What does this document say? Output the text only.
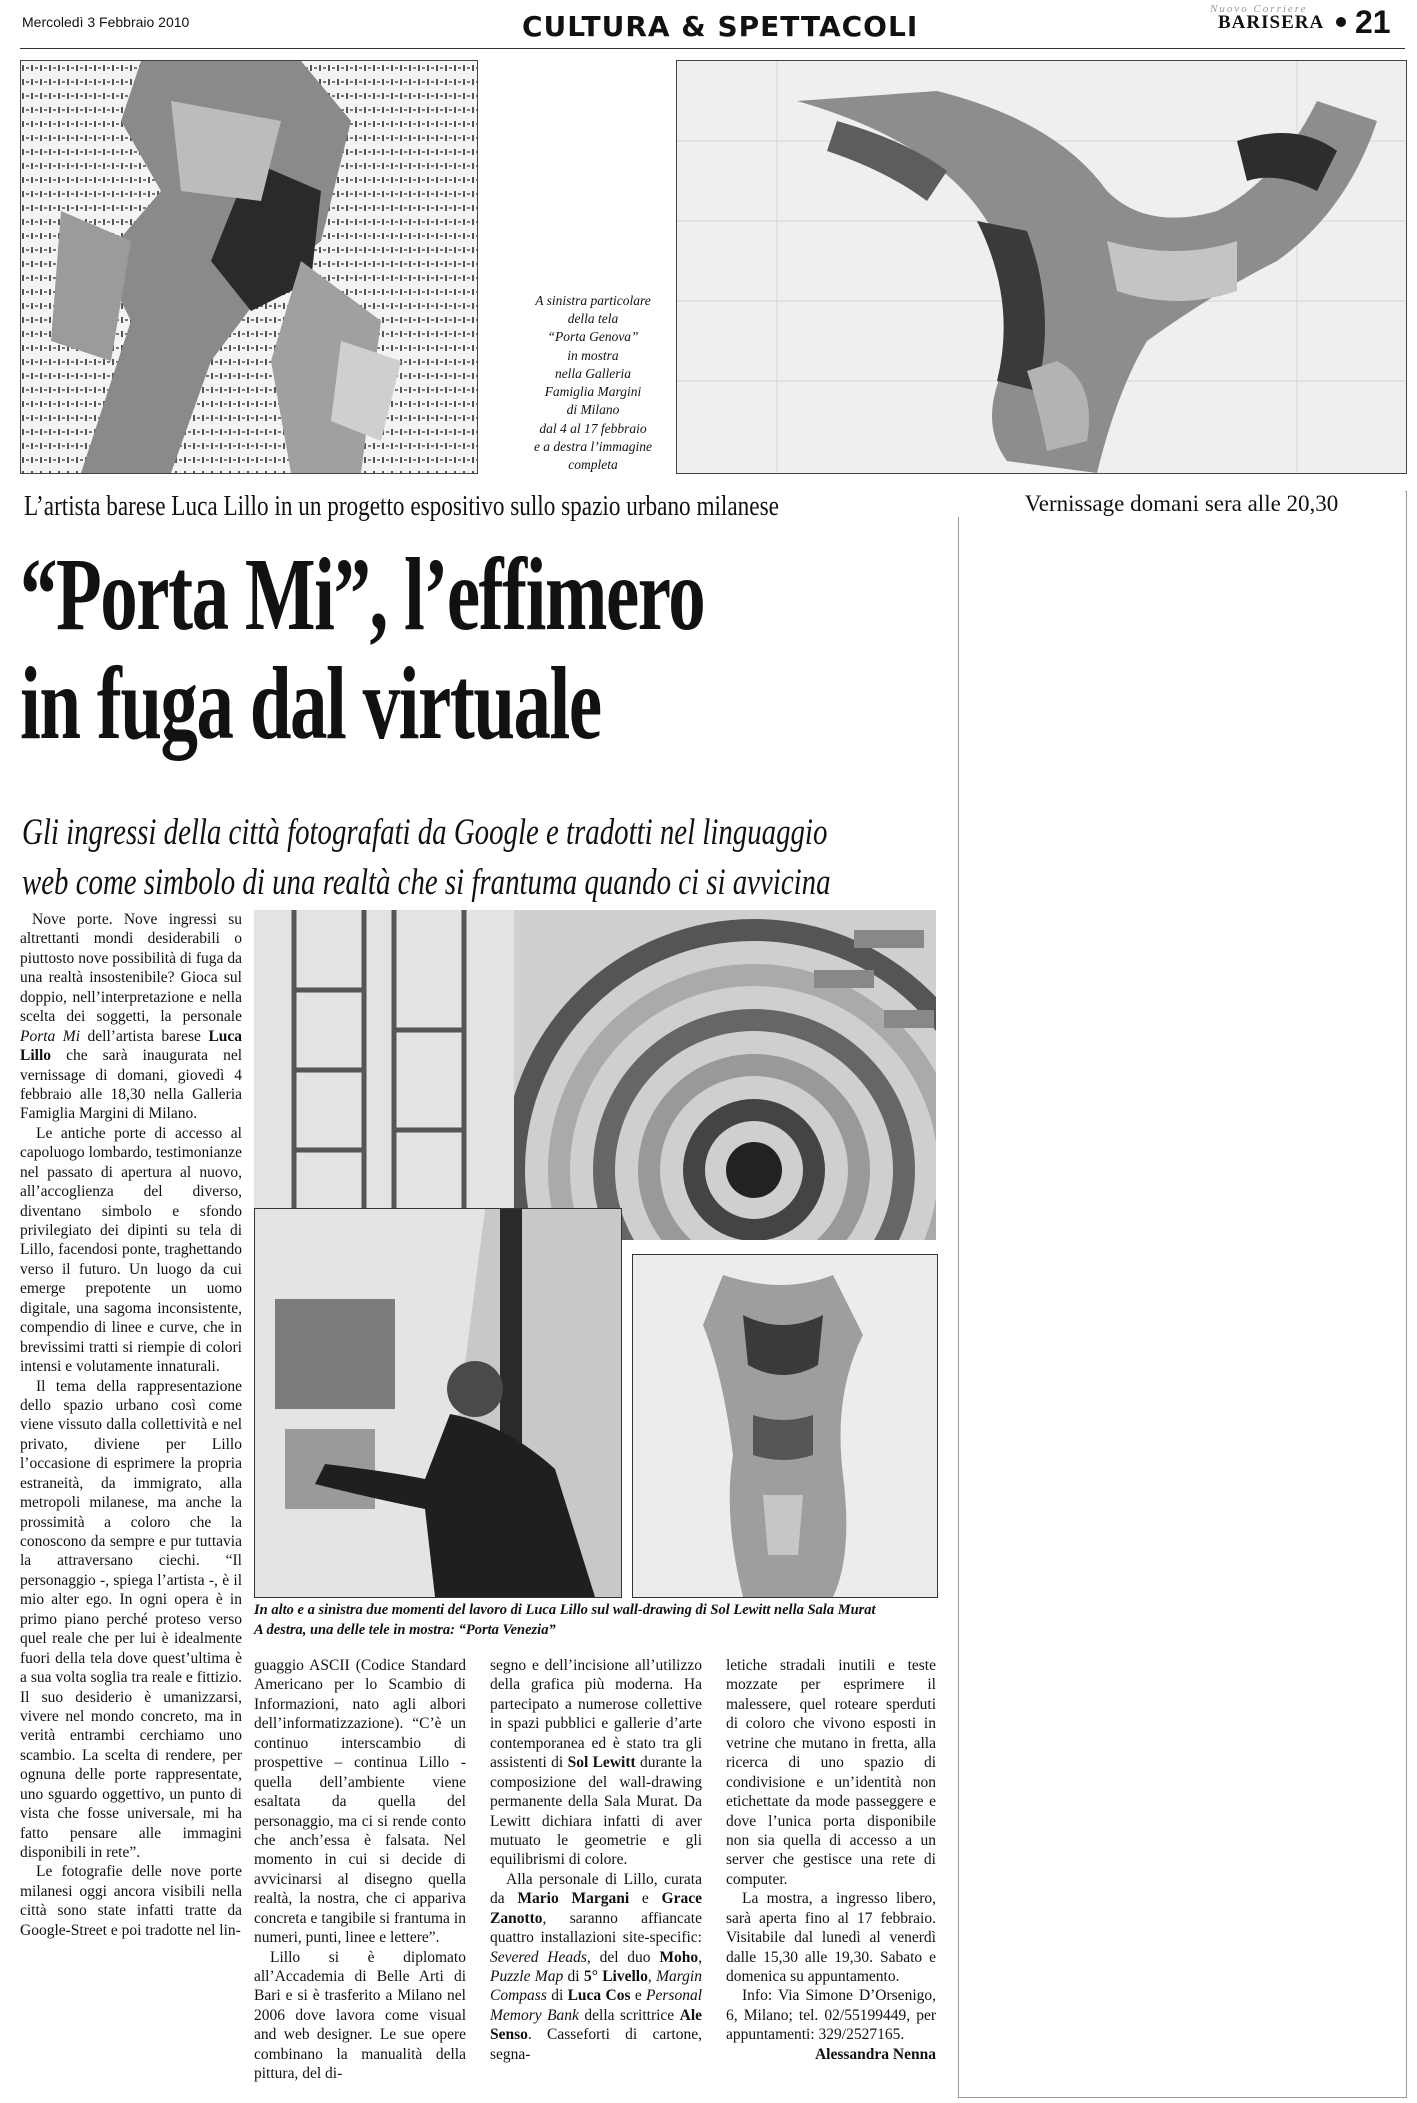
Mercoledì 3 Febbraio 2010	CULTURA & SPETTACOLI
Nuovo Corriere
BARISERA 21
A sinistra particolare
della tela
“Porta Genova”
in mostra
nella Galleria
Famiglia Margini
di Milano
dal 4 al 17 febbraio
e a destra l’immagine
completa
L’artista barese Luca Lillo in un progetto espositivo sullo spazio urbano milanese
“Porta Mi”, l’effimero
in fuga dal virtuale
Gli ingressi della città fotografati da Google e tradotti nel linguaggio
web come simbolo di una realtà che si frantuma quando ci si avvicina
Vernissage domani sera alle 20,30
In alto e a sinistra due momenti del lavoro di Luca Lillo sul wall-drawing di Sol Lewitt nella Sala Murat
A destra, una delle tele in mostra: “Porta Venezia”

guaggio ASCII (Codice Standard Americano per lo Scambio di Informazioni, nato agli albori dell’informatizzazione). “C’è un continuo interscambio di prospettive – continua Lillo -quella dell’ambiente viene esaltata da quella del personaggio, ma ci si rende conto che anch’essa è falsata. Nel momento in cui si decide di avvicinarsi al disegno quella realtà, la nostra, che ci appariva concreta e tangibile si frantuma in numeri, punti, linee e lettere”.

Lillo si è diplomato all’Accademia di Belle Arti di Bari e si è trasferito a Milano nel 2006 dove lavora come visual and web designer. Le sue opere combinano la manualità della pittura, del di-

segno e dell’incisione all’utilizzo della grafica più moderna. Ha partecipato a numerose collettive in spazi pubblici e gallerie d’arte contemporanea ed è stato tra gli assistenti di Sol Lewitt durante la composizione del wall-drawing permanente della Sala Murat. Da Lewitt dichiara infatti di aver mutuato le geometrie e gli equilibrismi di colore.

Alla personale di Lillo, curata da Mario Margani e Grace Zanotto, saranno affiancate quattro installazioni site-specific: Severed Heads, del duo Moho, Puzzle Map di 5° Livello, Margin Compass di Luca Cos e Personal Memory Bank della scrittrice Ale Senso. Casseforti di cartone, segna-

letiche stradali inutili e teste mozzate per esprimere il malessere, quel roteare sperduti di coloro che vivono esposti in vetrine che mutano in fretta, alla ricerca di uno spazio di condivisione e un’identità non etichettate da mode passeggere e dove l’unica porta disponibile non sia quella di accesso a un server che gestisce una rete di computer.

La mostra, a ingresso libero, sarà aperta fino al 17 febbraio. Visitabile dal lunedì al venerdì dalle 15,30 alle 19,30. Sabato e domenica su appuntamento.

Info: Via Simone D’Orsenigo, 6, Milano; tel. 02/55199449, per appuntamenti: 329/2527165.

Alessandra Nenna

Nove porte. Nove ingressi su altrettanti mondi desiderabili o piuttosto nove possibilità di fuga da una realtà insostenibile? Gioca sul doppio, nell’interpretazione e nella scelta dei soggetti, la personale Porta Mi dell’artista barese Luca Lillo che sarà inaugurata nel vernissage di domani, giovedì 4 febbraio alle 18,30 nella Galleria Famiglia Margini di Milano.

Le antiche porte di accesso al capoluogo lombardo, testimonianze nel passato di apertura al nuovo, all’accoglienza del diverso, diventano simbolo e sfondo privilegiato dei dipinti su tela di Lillo, facendosi ponte, traghettando verso il futuro. Un luogo da cui emerge prepotente un uomo digitale, una sagoma inconsistente, compendio di linee e curve, che in brevissimi tratti si riempie di colori intensi e volutamente innaturali.

Il tema della rappresentazione dello spazio urbano così come viene vissuto dalla collettività e nel privato, diviene per Lillo l’occasione di esprimere la propria estraneità, da immigrato, alla metropoli milanese, ma anche la prossimità a coloro che la conoscono da sempre e pur tuttavia la attraversano ciechi. “Il personaggio -, spiega l’artista -, è il mio alter ego. In ogni opera è in primo piano perché proteso verso quel reale che per lui è idealmente fuori della tela dove quest’ultima è a sua volta soglia tra reale e fittizio. Il suo desiderio è umanizzarsi, vivere nel mondo concreto, ma in verità entrambi cerchiamo uno scambio. La scelta di rendere, per ognuna delle porte rappresentate, uno sguardo oggettivo, un punto di vista che fosse universale, mi ha fatto pensare alle immagini disponibili in rete”.

Le fotografie delle nove porte milanesi oggi ancora visibili nella città sono state infatti tratte da Google-Street e poi tradotte nel lin-
